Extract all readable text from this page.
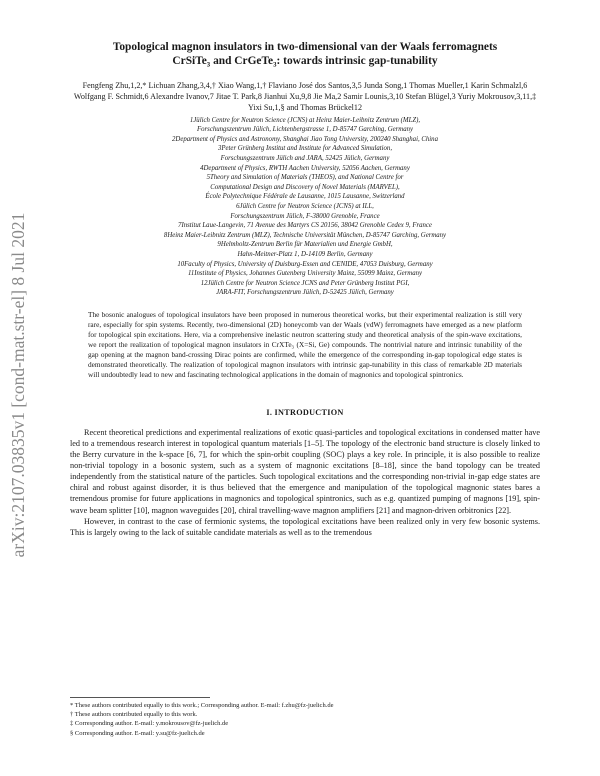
arXiv:2107.03835v1 [cond-mat.str-el] 8 Jul 2021
Topological magnon insulators in two-dimensional van der Waals ferromagnets
CrSiTe₃ and CrGeTe₃: towards intrinsic gap-tunability
Fengfeng Zhu,1,2,* Lichuan Zhang,3,4,† Xiao Wang,1,† Flaviano José dos Santos,3,5 Junda Song,1 Thomas Mueller,1 Karin Schmalzl,6 Wolfgang F. Schmidt,6 Alexandre Ivanov,7 Jitae T. Park,8 Jianhui Xu,9,8 Jie Ma,2 Samir Lounis,3,10 Stefan Blügel,3 Yuriy Mokrousov,3,11,‡ Yixi Su,1,§ and Thomas Brückel12
1Jülich Centre for Neutron Science (JCNS) at Heinz Maier-Leibnitz Zentrum (MLZ),
Forschungszentrum Jülich, Lichtenbergstrasse 1, D-85747 Garching, Germany
2Department of Physics and Astronomy, Shanghai Jiao Tong University, 200240 Shanghai, China
3Peter Grünberg Institut and Institute for Advanced Simulation,
Forschungszentrum Jülich and JARA, 52425 Jülich, Germany
4Department of Physics, RWTH Aachen University, 52056 Aachen, Germany
5Theory and Simulation of Materials (THEOS), and National Centre for
Computational Design and Discovery of Novel Materials (MARVEL),
École Polytechnique Fédérale de Lausanne, 1015 Lausanne, Switzerland
6Jülich Centre for Neutron Science (JCNS) at ILL,
Forschungszentrum Jülich, F-38000 Grenoble, France
7Institut Laue-Langevin, 71 Avenue des Martyrs CS 20156, 38042 Grenoble Cedex 9, France
8Heinz Maier-Leibnitz Zentrum (MLZ), Technische Universität München, D-85747 Garching, Germany
9Helmholtz-Zentrum Berlin für Materialien und Energie GmbH,
Hahn-Meitner-Platz 1, D-14109 Berlin, Germany
10Faculty of Physics, University of Duisburg-Essen and CENIDE, 47053 Duisburg, Germany
11Institute of Physics, Johannes Gutenberg University Mainz, 55099 Mainz, Germany
12Jülich Centre for Neutron Science JCNS and Peter Grünberg Institut PGI,
JARA-FIT, Forschungszentrum Jülich, D-52425 Jülich, Germany
The bosonic analogues of topological insulators have been proposed in numerous theoretical works, but their experimental realization is still very rare, especially for spin systems. Recently, two-dimensional (2D) honeycomb van der Waals (vdW) ferromagnets have emerged as a new platform for topological spin excitations. Here, via a comprehensive inelastic neutron scattering study and theoretical analysis of the spin-wave excitations, we report the realization of topological magnon insulators in CrXTe₃ (X=Si, Ge) compounds. The nontrivial nature and intrinsic tunability of the gap opening at the magnon band-crossing Dirac points are confirmed, while the emergence of the corresponding in-gap topological edge states is demonstrated theoretically. The realization of topological magnon insulators with intrinsic gap-tunability in this class of remarkable 2D materials will undoubtedly lead to new and fascinating technological applications in the domain of magnonics and topological spintronics.
I. INTRODUCTION

Recent theoretical predictions and experimental realizations of exotic quasi-particles and topological excitations in condensed matter have led to a tremendous research interest in topological quantum materials [1–5]. The topology of the electronic band structure is closely linked to the Berry curvature in the k-space [6, 7], for which the spin-orbit coupling (SOC) plays a key role. In principle, it is also possible to realize non-trivial topology in a bosonic system, such as a system of magnonic excitations [8–18], since the band topology can be treated independently from the statistical nature of the particles. Such topological excitations and the corresponding non-trivial in-gap edge states are chiral and robust against disorder, it is thus believed that the emergence and manipulation of the topological magnonic states bares a tremendous promise for future applications in magnonics and topological spintronics, such as e.g. quantized pumping of magnons [19], spin-wave beam splitter [10], magnon waveguides [20], chiral travelling-wave magnon amplifiers [21] and magnon-driven orbitronics [22].

However, in contrast to the case of fermionic systems, the topological excitations have been realized only in very few bosonic systems. This is largely owing to the lack of suitable candidate materials as well as to the tremendous

* These authors contributed equally to this work.; Corresponding author. E-mail: f.zhu@fz-juelich.de
† These authors contributed equally to this work.
‡ Corresponding author. E-mail: y.mokrousov@fz-juelich.de
§ Corresponding author. E-mail: y.su@fz-juelich.de
